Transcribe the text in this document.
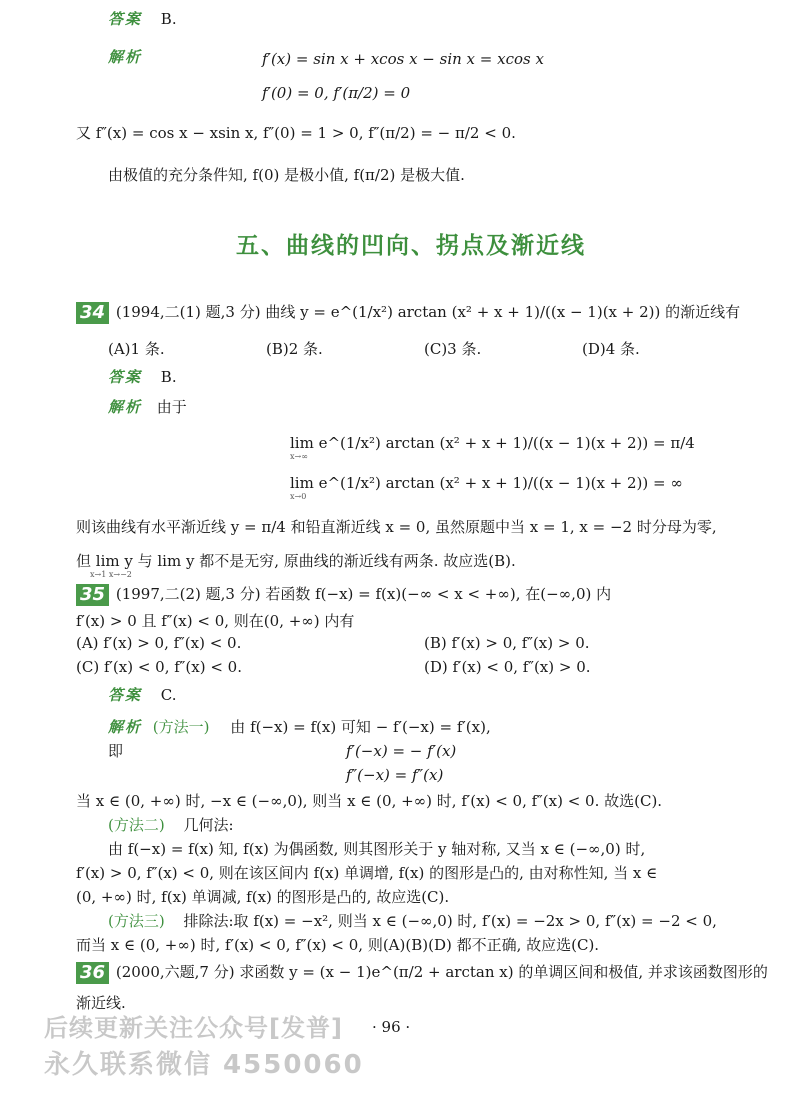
答案 B.
解析	f′(x) = sin x + xcos x − sin x = xcos x
f′(0) = 0, f′(π/2) = 0
又 f″(x) = cos x − xsin x, f″(0) = 1 > 0, f″(π/2) = − π/2 < 0.
由极值的充分条件知, f(0) 是极小值, f(π/2) 是极大值.
五、曲线的凹向、拐点及渐近线
34 (1994,二(1) 题,3 分) 曲线 y = e^(1/x²) arctan (x² + x + 1)/((x − 1)(x + 2)) 的渐近线有
(A)1 条.	(B)2 条.	(C)3 条.	(D)4 条.
答案 B.
解析 由于
lim e^(1/x²) arctan (x² + x + 1)/((x − 1)(x + 2)) = π/4
x→∞
lim e^(1/x²) arctan (x² + x + 1)/((x − 1)(x + 2)) = ∞
x→0
则该曲线有水平渐近线 y = π/4 和铅直渐近线 x = 0, 虽然原题中当 x = 1, x = −2 时分母为零,
但 lim y 与 lim y 都不是无穷, 原曲线的渐近线有两条. 故应选(B).
x→1 x→−2
35 (1997,二(2) 题,3 分) 若函数 f(−x) = f(x)(−∞ < x < +∞), 在(−∞,0) 内
f′(x) > 0 且 f″(x) < 0, 则在(0, +∞) 内有
(A) f′(x) > 0, f″(x) < 0.	(B) f′(x) > 0, f″(x) > 0.
(C) f′(x) < 0, f″(x) < 0.	(D) f′(x) < 0, f″(x) > 0.
答案 C.
解析 (方法一) 由 f(−x) = f(x) 可知 − f′(−x) = f′(x),
即	f′(−x) = − f′(x)
f″(−x) = f″(x)
当 x ∈ (0, +∞) 时, −x ∈ (−∞,0), 则当 x ∈ (0, +∞) 时, f′(x) < 0, f″(x) < 0. 故选(C).
(方法二) 几何法:
由 f(−x) = f(x) 知, f(x) 为偶函数, 则其图形关于 y 轴对称, 又当 x ∈ (−∞,0) 时,
f′(x) > 0, f″(x) < 0, 则在该区间内 f(x) 单调增, f(x) 的图形是凸的, 由对称性知, 当 x ∈
(0, +∞) 时, f(x) 单调减, f(x) 的图形是凸的, 故应选(C).
(方法三) 排除法:取 f(x) = −x², 则当 x ∈ (−∞,0) 时, f′(x) = −2x > 0, f″(x) = −2 < 0,
而当 x ∈ (0, +∞) 时, f′(x) < 0, f″(x) < 0, 则(A)(B)(D) 都不正确, 故应选(C).
36 (2000,六题,7 分) 求函数 y = (x − 1)e^(π/2 + arctan x) 的单调区间和极值, 并求该函数图形的
渐近线.
后续更新关注公众号[发普] · 96 ·
永久联系微信 4550060
